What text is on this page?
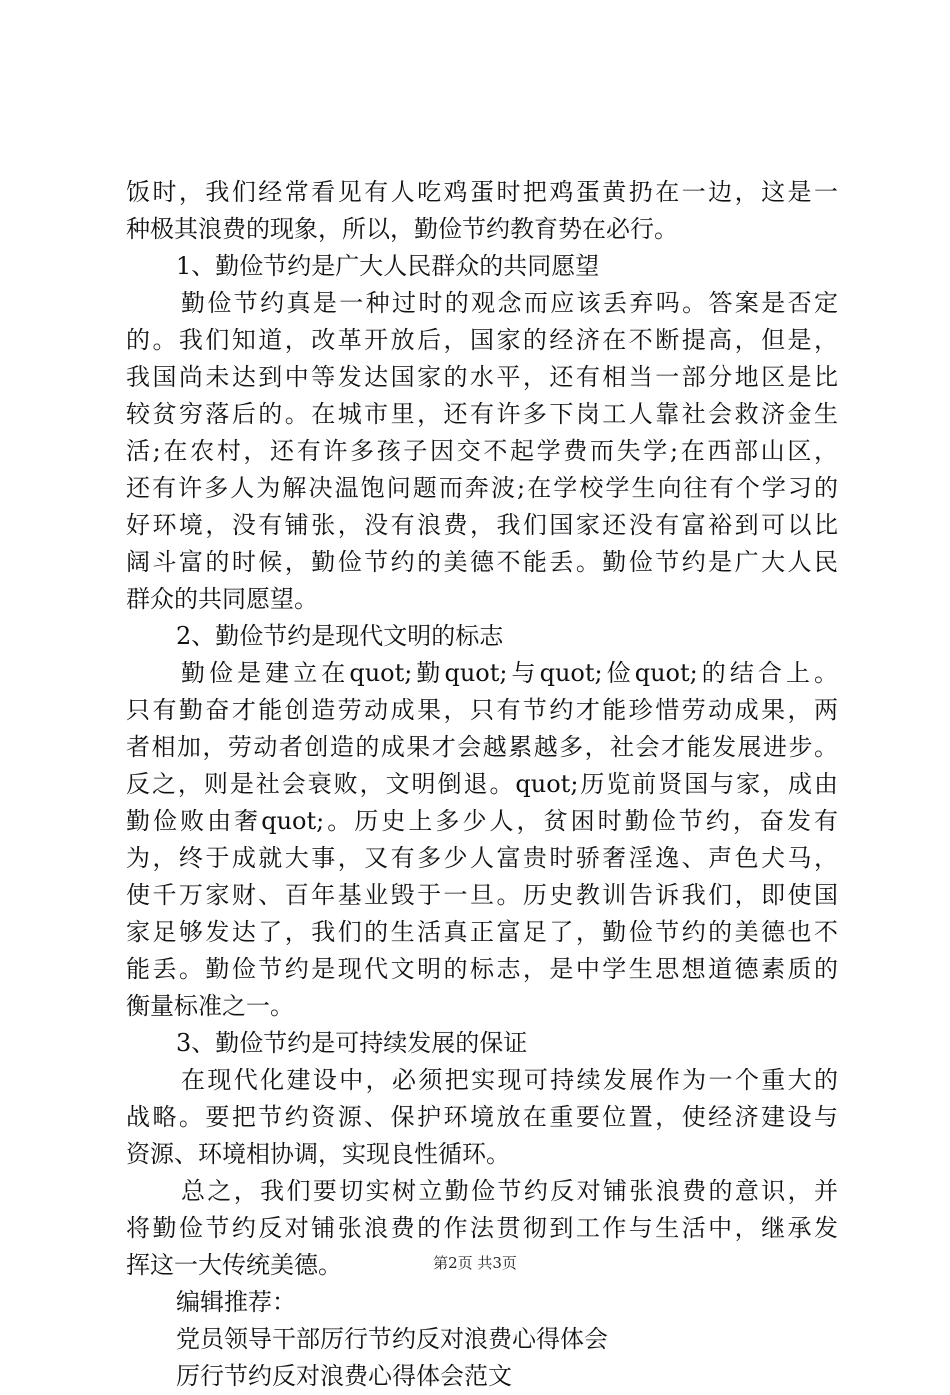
饭时，我们经常看见有人吃鸡蛋时把鸡蛋黄扔在一边，这是一
种极其浪费的现象，所以，勤俭节约教育势在必行。
1、勤俭节约是广大人民群众的共同愿望
勤俭节约真是一种过时的观念而应该丢弃吗。答案是否定
的。我们知道，改革开放后，国家的经济在不断提高，但是，
我国尚未达到中等发达国家的水平，还有相当一部分地区是比
较贫穷落后的。在城市里，还有许多下岗工人靠社会救济金生
活;在农村，还有许多孩子因交不起学费而失学;在西部山区，
还有许多人为解决温饱问题而奔波;在学校学生向往有个学习的
好环境，没有铺张，没有浪费，我们国家还没有富裕到可以比
阔斗富的时候，勤俭节约的美德不能丢。勤俭节约是广大人民
群众的共同愿望。
2、勤俭节约是现代文明的标志
勤俭是建立在quot;勤quot;与quot;俭quot;的结合上。
只有勤奋才能创造劳动成果，只有节约才能珍惜劳动成果，两
者相加，劳动者创造的成果才会越累越多，社会才能发展进步。
反之，则是社会衰败，文明倒退。quot;历览前贤国与家，成由
勤俭败由奢quot;。历史上多少人，贫困时勤俭节约，奋发有
为，终于成就大事，又有多少人富贵时骄奢淫逸、声色犬马，
使千万家财、百年基业毁于一旦。历史教训告诉我们，即使国
家足够发达了，我们的生活真正富足了，勤俭节约的美德也不
能丢。勤俭节约是现代文明的标志，是中学生思想道德素质的
衡量标准之一。
3、勤俭节约是可持续发展的保证
在现代化建设中，必须把实现可持续发展作为一个重大的
战略。要把节约资源、保护环境放在重要位置，使经济建设与
资源、环境相协调，实现良性循环。
总之，我们要切实树立勤俭节约反对铺张浪费的意识，并
将勤俭节约反对铺张浪费的作法贯彻到工作与生活中，继承发
挥这一大传统美德。
编辑推荐：
党员领导干部厉行节约反对浪费心得体会
厉行节约反对浪费心得体会范文
第2页 共3页
